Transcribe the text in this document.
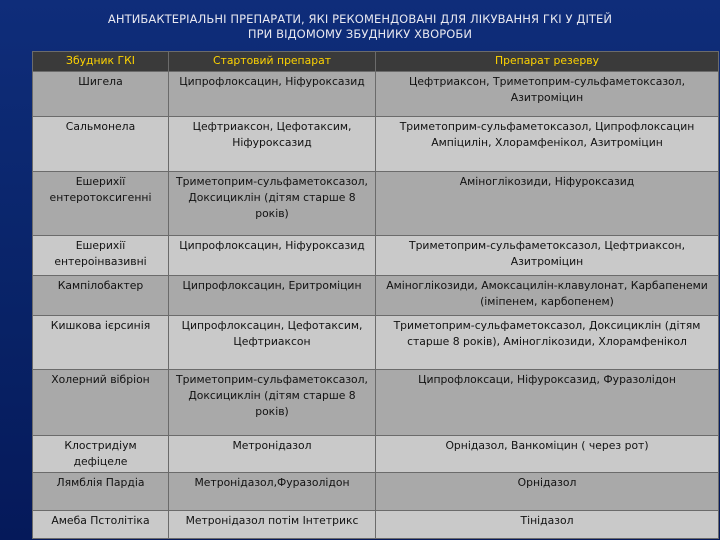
АНТИБАКТЕРІАЛЬНІ ПРЕПАРАТИ, ЯКІ РЕКОМЕНДОВАНІ ДЛЯ ЛІКУВАННЯ ГКІ У ДІТЕЙ
ПРИ ВІДОМОМУ ЗБУДНИКУ ХВОРОБИ
Збудник ГКІ	Стартовий препарат	Препарат резерву
Шигела	Ципрофлоксацин, Ніфуроксазид	Цефтриаксон, Триметоприм-сульфаметоксазол, Азитроміцин
Сальмонела	Цефтриаксон, Цефотаксим, Ніфуроксазид	Триметоприм-сульфаметоксазол, Ципрофлоксацин Ампіцилін, Хлорамфенікол, Азитроміцин
Ешерихії ентеротоксигенні	Триметоприм-сульфаметоксазол, Доксициклін (дітям старше 8 років)	Аміноглікозиди, Ніфуроксазид
Ешерихії ентероінвазивні	Ципрофлоксацин, Ніфуроксазид	Триметоприм-сульфаметоксазол, Цефтриаксон, Азитроміцин
Кампілобактер	Ципрофлоксацин, Еритроміцин	Аміноглікозиди, Амоксацилін-клавулонат, Карбапенеми (іміпенем, карбопенем)
Кишкова ієрсинія	Ципрофлоксацин, Цефотаксим, Цефтриаксон	Триметоприм-сульфаметоксазол, Доксициклін (дітям старше 8 років), Аміноглікозиди, Хлорамфенікол
Холерний вібріон	Триметоприм-сульфаметоксазол, Доксициклін (дітям старше 8 років)	Ципрофлоксаци, Ніфуроксазид, Фуразолідон
Клостридіум дефіцеле	Метронідазол	Орнідазол, Ванкоміцин ( через рот)
Лямблія Пардіа	Метронідазол,Фуразолідон	Орнідазол
Амеба Пстолітіка	Метронідазол потім Інтетрикс	Тінідазол
